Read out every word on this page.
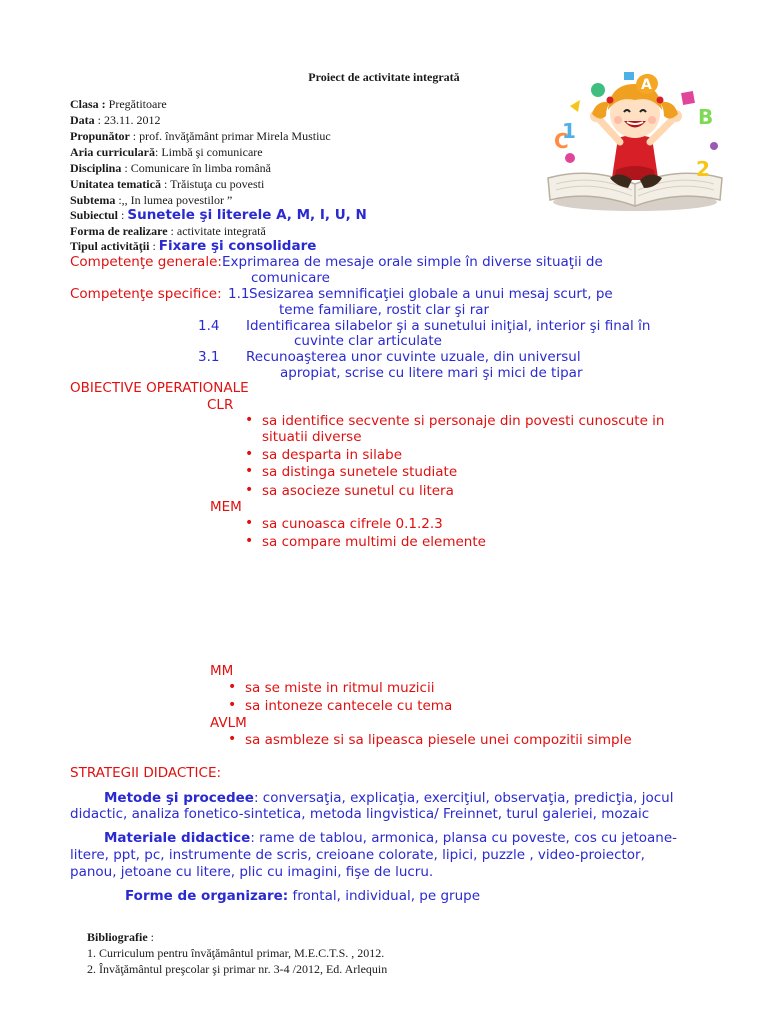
Proiect de activitate integrată
Clasa : Pregătitoare
Data : 23.11. 2012
Propunător : prof. învăţământ primar Mirela Mustiuc
Aria curriculară: Limbă şi comunicare
Disciplina : Comunicare în limba română
Unitatea tematică : Trăistuţa cu povesti
Subtema :,, In lumea povestilor ”
Subiectul : Sunetele şi literele A, M, I, U, N
Forma de realizare : activitate integrată
Tipul activităţii : Fixare şi consolidare
A
B
C
1
2
Competenţe generale: Exprimarea de mesaje orale simple în diverse situaţii de
comunicare
Competenţe specifice: 1.1 Sesizarea semnificaţiei globale a unui mesaj scurt, pe
teme familiare, rostit clar şi rar
1.4 Identificarea silabelor şi a sunetului iniţial, interior şi final în
cuvinte clar articulate
3.1 Recunoaşterea unor cuvinte uzuale, din universul
apropiat, scrise cu litere mari şi mici de tipar
OBIECTIVE OPERATIONALE
CLR
• sa identifice secvente si personaje din povesti cunoscute in
situatii diverse
• sa desparta in silabe
• sa distinga sunetele studiate
• sa asocieze sunetul cu litera
MEM
• sa cunoasca cifrele 0.1.2.3
• sa compare multimi de elemente
MM
• sa se miste in ritmul muzicii
• sa intoneze cantecele cu tema
AVLM
• sa asmbleze si sa lipeasca piesele unei compozitii simple
STRATEGII DIDACTICE:
Metode şi procedee: conversaţia, explicaţia, exerciţiul, observaţia, predicţia, jocul
didactic, analiza fonetico-sintetica, metoda lingvistica/ Freinnet, turul galeriei, mozaic
Materiale didactice: rame de tablou, armonica, plansa cu poveste, cos cu jetoane-
litere, ppt, pc, instrumente de scris, creioane colorate, lipici, puzzle , video-proiector,
panou, jetoane cu litere, plic cu imagini, fişe de lucru.
Forme de organizare: frontal, individual, pe grupe
Bibliografie :
1. Curriculum pentru învăţământul primar, M.E.C.T.S. , 2012.
2. Învăţământul preşcolar şi primar nr. 3-4 /2012, Ed. Arlequin
